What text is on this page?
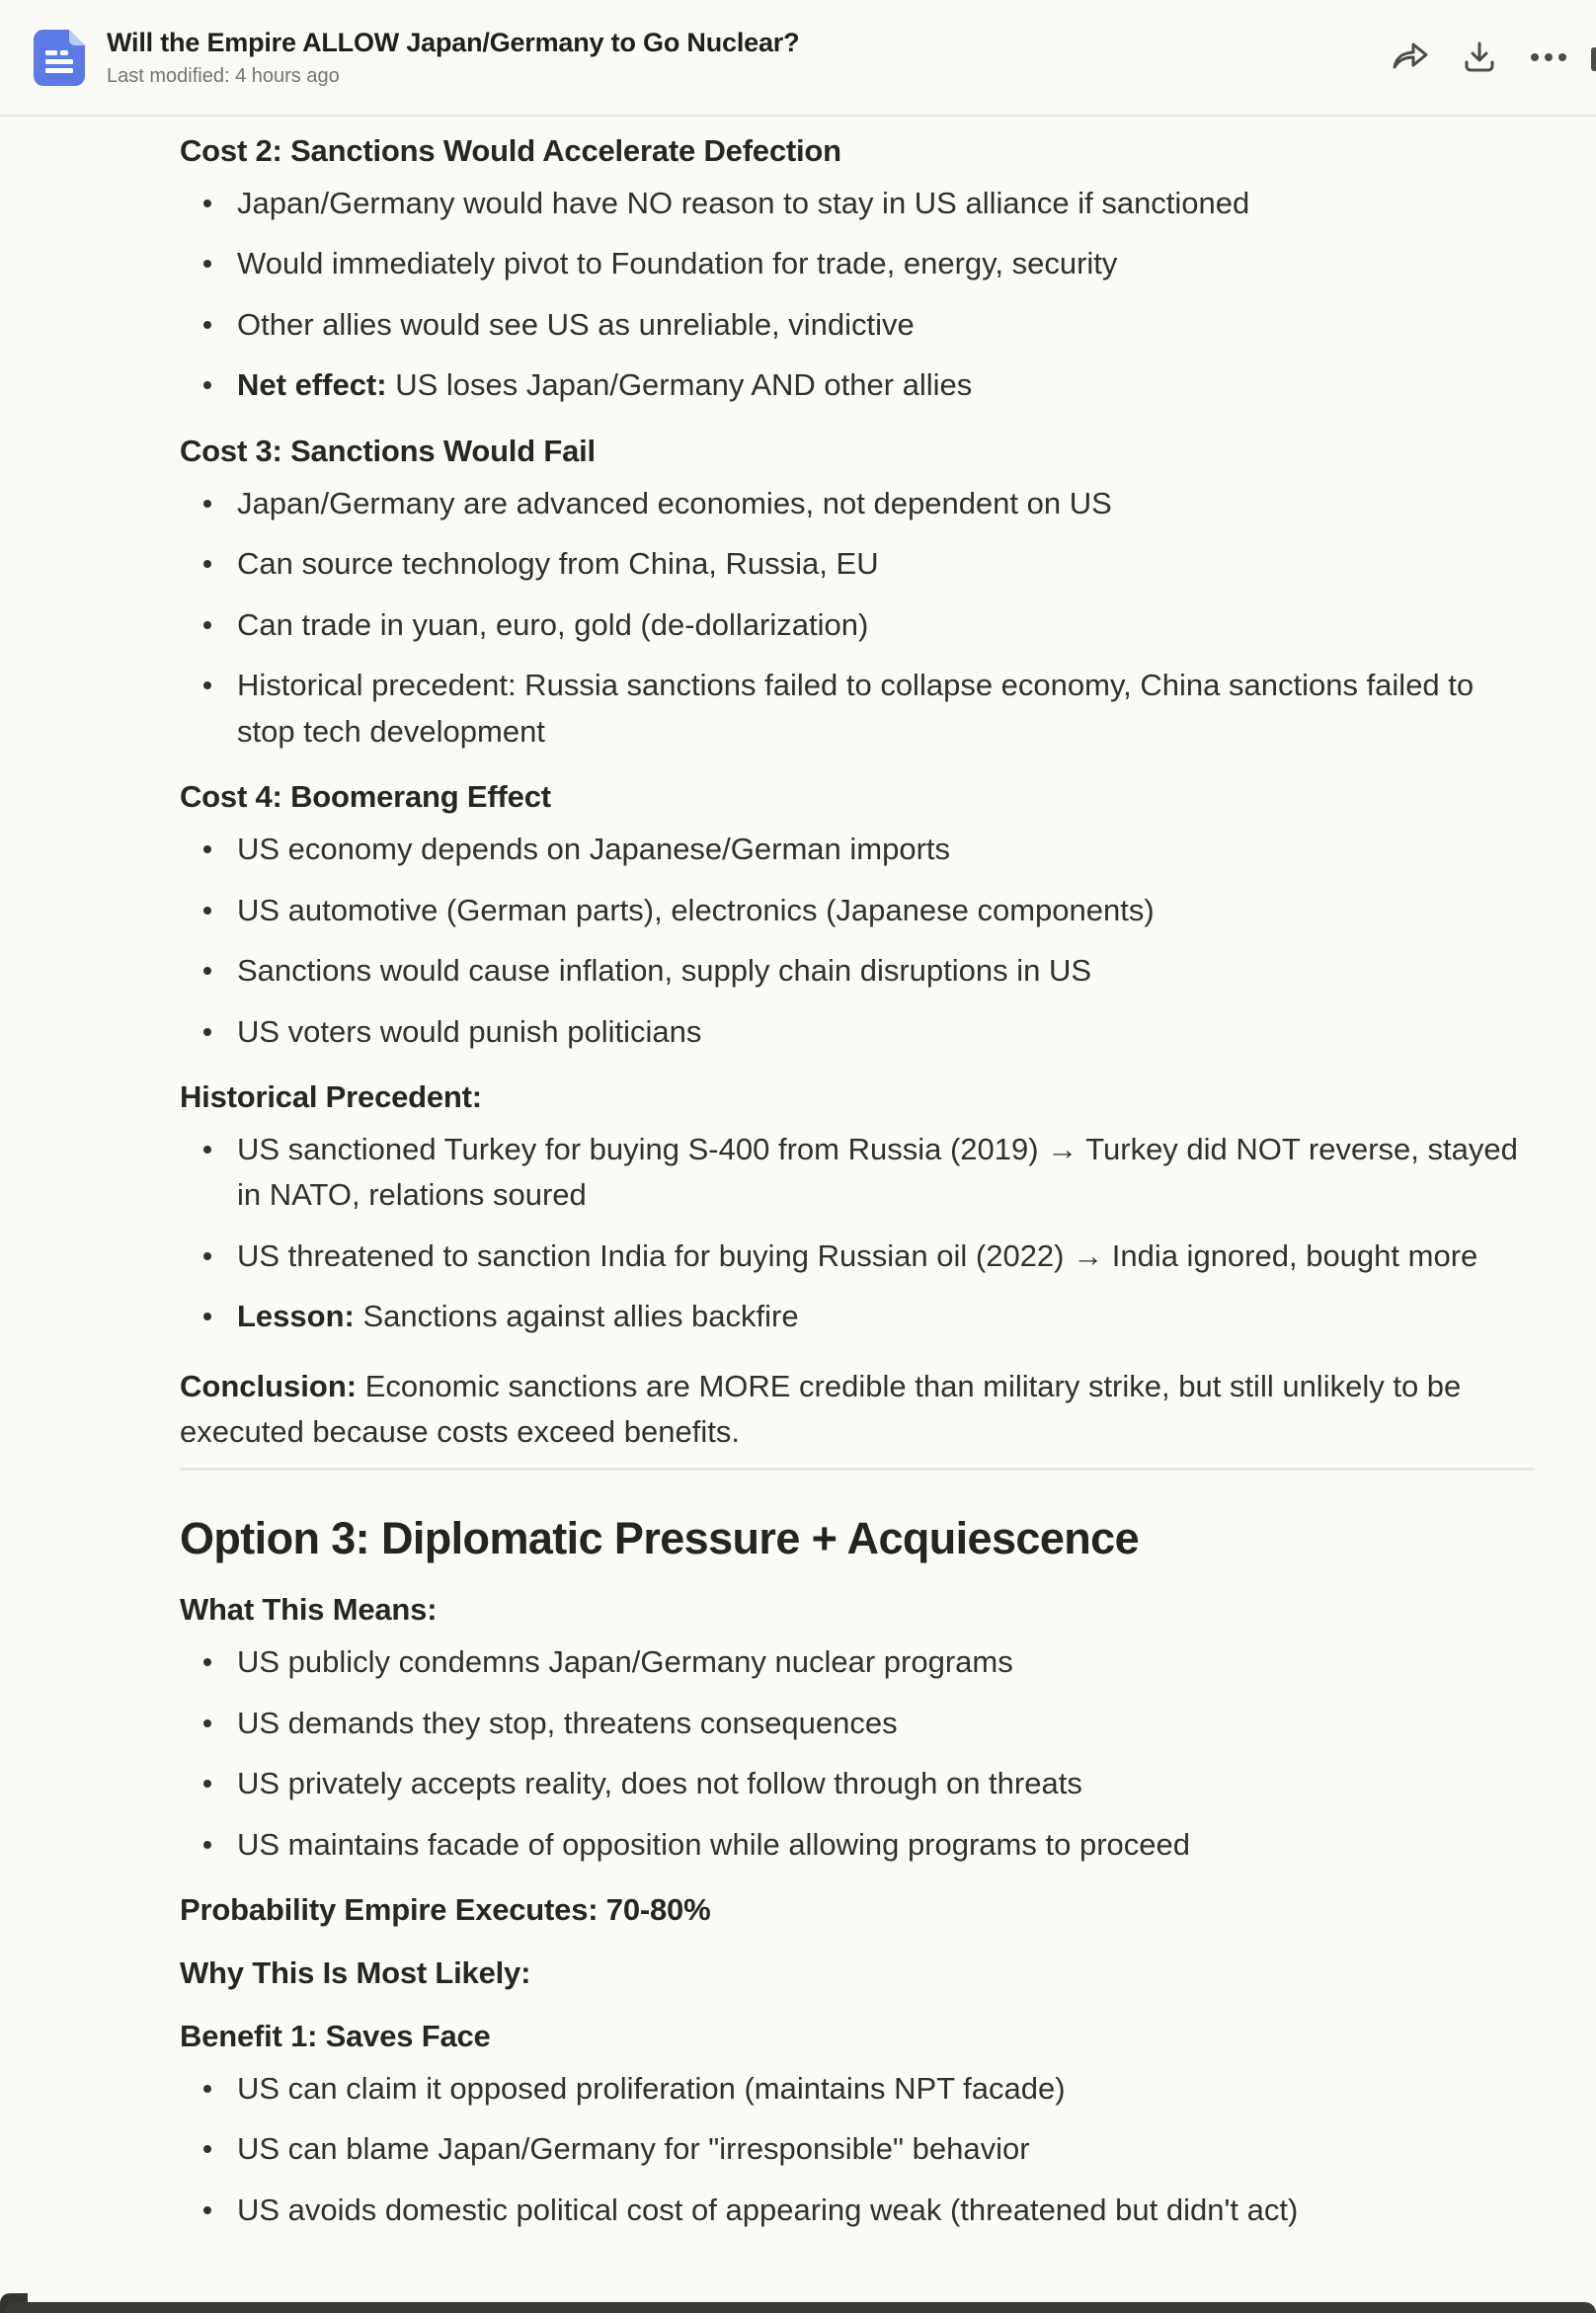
Will the Empire ALLOW Japan/Germany to Go Nuclear?
Last modified: 4 hours ago
Cost 2: Sanctions Would Accelerate Defection
Japan/Germany would have NO reason to stay in US alliance if sanctioned
Would immediately pivot to Foundation for trade, energy, security
Other allies would see US as unreliable, vindictive
Net effect: US loses Japan/Germany AND other allies
Cost 3: Sanctions Would Fail
Japan/Germany are advanced economies, not dependent on US
Can source technology from China, Russia, EU
Can trade in yuan, euro, gold (de-dollarization)
Historical precedent: Russia sanctions failed to collapse economy, China sanctions failed to stop tech development
Cost 4: Boomerang Effect
US economy depends on Japanese/German imports
US automotive (German parts), electronics (Japanese components)
Sanctions would cause inflation, supply chain disruptions in US
US voters would punish politicians
Historical Precedent:
US sanctioned Turkey for buying S-400 from Russia (2019) → Turkey did NOT reverse, stayed in NATO, relations soured
US threatened to sanction India for buying Russian oil (2022) → India ignored, bought more
Lesson: Sanctions against allies backfire

Conclusion: Economic sanctions are MORE credible than military strike, but still unlikely to be executed because costs exceed benefits.

Option 3: Diplomatic Pressure + Acquiescence
What This Means:
US publicly condemns Japan/Germany nuclear programs
US demands they stop, threatens consequences
US privately accepts reality, does not follow through on threats
US maintains facade of opposition while allowing programs to proceed
Probability Empire Executes: 70-80%
Why This Is Most Likely:
Benefit 1: Saves Face
US can claim it opposed proliferation (maintains NPT facade)
US can blame Japan/Germany for "irresponsible" behavior
US avoids domestic political cost of appearing weak (threatened but didn't act)
